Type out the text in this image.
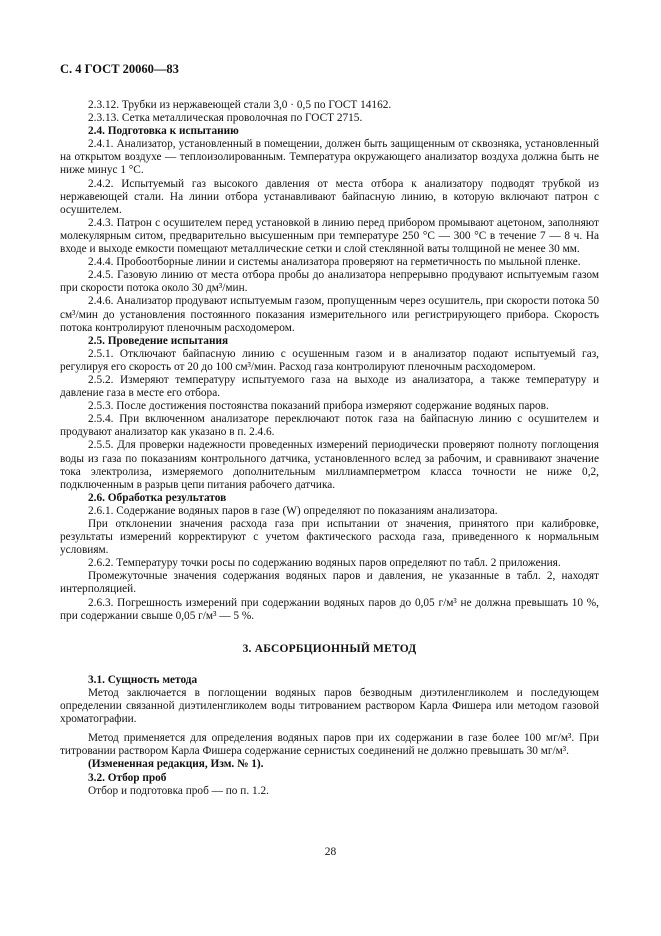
С. 4 ГОСТ 20060—83

2.3.12. Трубки из нержавеющей стали 3,0 · 0,5 по ГОСТ 14162.

2.3.13. Сетка металлическая проволочная по ГОСТ 2715.

2.4. Подготовка к испытанию

2.4.1. Анализатор, установленный в помещении, должен быть защищенным от сквозняка, установленный на открытом воздухе — теплоизолированным. Температура окружающего анализатор воздуха должна быть не ниже минус 1 °С.

2.4.2. Испытуемый газ высокого давления от места отбора к анализатору подводят трубкой из нержавеющей стали. На линии отбора устанавливают байпасную линию, в которую включают патрон с осушителем.

2.4.3. Патрон с осушителем перед установкой в линию перед прибором промывают ацетоном, заполняют молекулярным ситом, предварительно высушенным при температуре 250 °С — 300 °С в течение 7 — 8 ч. На входе и выходе емкости помещают металлические сетки и слой стеклянной ваты толщиной не менее 30 мм.

2.4.4. Пробоотборные линии и системы анализатора проверяют на герметичность по мыльной пленке.

2.4.5. Газовую линию от места отбора пробы до анализатора непрерывно продувают испытуемым газом при скорости потока около 30 дм³/мин.

2.4.6. Анализатор продувают испытуемым газом, пропущенным через осушитель, при скорости потока 50 см³/мин до установления постоянного показания измерительного или регистрирующего прибора. Скорость потока контролируют пленочным расходомером.

2.5. Проведение испытания

2.5.1. Отключают байпасную линию с осушенным газом и в анализатор подают испытуемый газ, регулируя его скорость от 20 до 100 см³/мин. Расход газа контролируют пленочным расходомером.

2.5.2. Измеряют температуру испытуемого газа на выходе из анализатора, а также температуру и давление газа в месте его отбора.

2.5.3. После достижения постоянства показаний прибора измеряют содержание водяных паров.

2.5.4. При включенном анализаторе переключают поток газа на байпасную линию с осушителем и продувают анализатор как указано в п. 2.4.6.

2.5.5. Для проверки надежности проведенных измерений периодически проверяют полноту поглощения воды из газа по показаниям контрольного датчика, установленного вслед за рабочим, и сравнивают значение тока электролиза, измеряемого дополнительным миллиамперметром класса точности не ниже 0,2, подключенным в разрыв цепи питания рабочего датчика.

2.6. Обработка результатов

2.6.1. Содержание водяных паров в газе (W) определяют по показаниям анализатора.

При отклонении значения расхода газа при испытании от значения, принятого при калибровке, результаты измерений корректируют с учетом фактического расхода газа, приведенного к нормальным условиям.

2.6.2. Температуру точки росы по содержанию водяных паров определяют по табл. 2 приложения.

Промежуточные значения содержания водяных паров и давления, не указанные в табл. 2, находят интерполяцией.

2.6.3. Погрешность измерений при содержании водяных паров до 0,05 г/м³ не должна превышать 10 %, при содержании свыше 0,05 г/м³ — 5 %.

3. АБСОРБЦИОННЫЙ МЕТОД

3.1. Сущность метода

Метод заключается в поглощении водяных паров безводным диэтиленгликолем и последующем определении связанной диэтиленгликолем воды титрованием раствором Карла Фишера или методом газовой хроматографии.

Метод применяется для определения водяных паров при их содержании в газе более 100 мг/м³. При титровании раствором Карла Фишера содержание сернистых соединений не должно превышать 30 мг/м³.

(Измененная редакция, Изм. № 1).

3.2. Отбор проб

Отбор и подготовка проб — по п. 1.2.

28
